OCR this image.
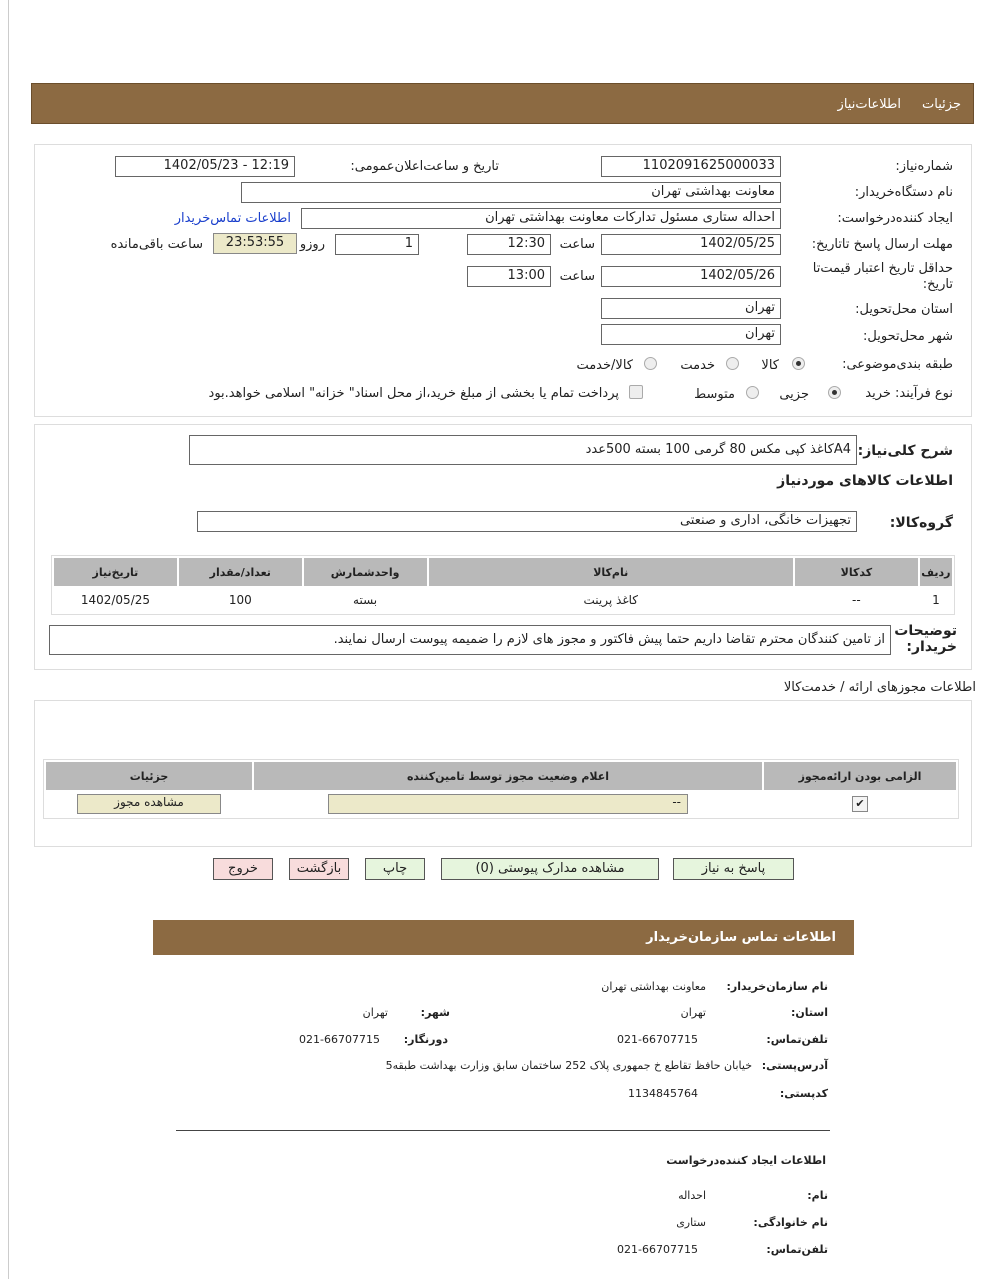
جزئیات
اطلاعات‌نیاز
شماره‌نیاز:
1102091625000033
تاریخ و ساعت‌اعلان‌عمومی:
1402/05/23 - 12:19
نام دستگاه‌خریدار:
معاونت بهداشتی تهران
ایجاد کننده‌درخواست:
احداله ستاری مسئول تدارکات معاونت بهداشتی تهران
اطلاعات تماس‌خریدار
مهلت ارسال پاسخ تا‌تاریخ:
1402/05/25
ساعت
12:30
1
روزو
23:53:55
ساعت باقی‌مانده
حداقل تاریخ اعتبار قیمت‌تا تاریخ:
1402/05/26
ساعت
13:00
استان محل‌تحویل:
تهران
شهر محل‌تحویل:
تهران
طبقه بندی‌موضوعی:
کالا
خدمت
کالا/خدمت
نوع فرآیند: خرید
جزیی
متوسط
پرداخت تمام یا بخشی از مبلغ خرید،از محل اسناد" خزانه" اسلامی خواهد.بود
شرح کلی‌نیاز:
A4کاغذ کپی مکس 80 گرمی 100 بسته 500عدد
اطلاعات کالاهای موردنیاز
گروه‌کالا:
تجهیزات خانگی، اداری و صنعتی
ردیف	کدکالا	نام‌کالا	واحدشمارش	تعداد/مقدار	تاریخ‌نیاز
1	--	کاغذ پرینت	بسته	100	1402/05/25
توضیحات خریدار:
از تامین کنندگان محترم تقاضا داریم حتما پیش فاکتور و مجوز های لازم را ضمیمه پیوست ارسال نمایند.
اطلاعات مجوزهای ارائه / خدمت‌کالا
الزامی بودن ارائه‌مجوز	اعلام وضعیت مجوز توسط تامین‌کننده	جزئیات
✔	--	مشاهده مجوز
پاسخ به نیاز
مشاهده مدارک پیوستی (0)
چاپ
بازگشت
خروج
اطلاعات تماس سازمان‌خریدار
نام سازمان‌خریدار:
معاونت بهداشتی تهران
استان:
تهران
شهر:
تهران
تلفن‌تماس:
021-66707715
دورنگار:
021-66707715
آدرس‌پستی:
خیابان حافظ تقاطع خ جمهوری پلاک 252 ساختمان سابق وزارت بهداشت طبقه5
کدپستی:
1134845764
اطلاعات ایجاد کننده‌درخواست
نام:
احداله
نام خانوادگی:
ستاری
تلفن‌تماس:
021-66707715
